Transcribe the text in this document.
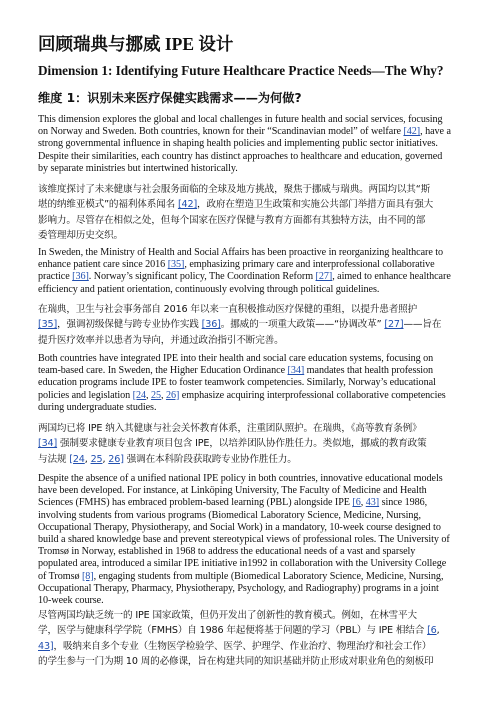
回顾瑞典与挪威 IPE 设计
Dimension 1: Identifying Future Healthcare Practice Needs—The Why?
维度 1：识别未来医疗保健实践需求——为何做?
This dimension explores the global and local challenges in future health and social services, focusing
on Norway and Sweden. Both countries, known for their “Scandinavian model” of welfare [42], have a
strong governmental influence in shaping health policies and implementing public sector initiatives.
Despite their similarities, each country has distinct approaches to healthcare and education, governed
by separate ministries but intertwined historically.
该维度探讨了未来健康与社会服务面临的全球及地方挑战，聚焦于挪威与瑞典。两国均以其“斯
堪的纳维亚模式”的福利体系闻名 [42]，政府在塑造卫生政策和实施公共部门举措方面具有强大
影响力。尽管存在相似之处，但每个国家在医疗保健与教育方面都有其独特方法，由不同的部
委管理却历史交织。
In Sweden, the Ministry of Health and Social Affairs has been proactive in reorganizing healthcare to
enhance patient care since 2016 [35], emphasizing primary care and interprofessional collaborative
practice [36]. Norway’s significant policy, The Coordination Reform [27], aimed to enhance healthcare
efficiency and patient orientation, continuously evolving through political guidelines.
在瑞典，卫生与社会事务部自 2016 年以来一直积极推动医疗保健的重组，以提升患者照护
[35]，强调初级保健与跨专业协作实践 [36]。挪威的一项重大政策——“协调改革” [27]——旨在
提升医疗效率并以患者为导向，并通过政治指引不断完善。
Both countries have integrated IPE into their health and social care education systems, focusing on
team-based care. In Sweden, the Higher Education Ordinance [34] mandates that health profession
education programs include IPE to foster teamwork competencies. Similarly, Norway’s educational
policies and legislation [24, 25, 26] emphasize acquiring interprofessional collaborative competencies
during undergraduate studies.
两国均已将 IPE 纳入其健康与社会关怀教育体系，注重团队照护。在瑞典，《高等教育条例》
[34] 强制要求健康专业教育项目包含 IPE，以培养团队协作胜任力。类似地，挪威的教育政策
与法规 [24, 25, 26] 强调在本科阶段获取跨专业协作胜任力。
Despite the absence of a unified national IPE policy in both countries, innovative educational models
have been developed. For instance, at Linköping University, The Faculty of Medicine and Health
Sciences (FMHS) has embraced problem-based learning (PBL) alongside IPE [6, 43] since 1986,
involving students from various programs (Biomedical Laboratory Science, Medicine, Nursing,
Occupational Therapy, Physiotherapy, and Social Work) in a mandatory, 10-week course designed to
build a shared knowledge base and prevent stereotypical views of professional roles. The University of
Tromsø in Norway, established in 1968 to address the educational needs of a vast and sparsely
populated area, introduced a similar IPE initiative in1992 in collaboration with the University College
of Tromsø [8], engaging students from multiple (Biomedical Laboratory Science, Medicine, Nursing,
Occupational Therapy, Pharmacy, Physiotherapy, Psychology, and Radiography) programs in a joint
10-week course.
尽管两国均缺乏统一的 IPE 国家政策，但仍开发出了创新性的教育模式。例如，在林雪平大
学，医学与健康科学学院（FMHS）自 1986 年起便将基于问题的学习（PBL）与 IPE 相结合 [6,
43]，吸纳来自多个专业（生物医学检验学、医学、护理学、作业治疗、物理治疗和社会工作）
的学生参与一门为期 10 周的必修课，旨在构建共同的知识基础并防止形成对职业角色的刻板印
